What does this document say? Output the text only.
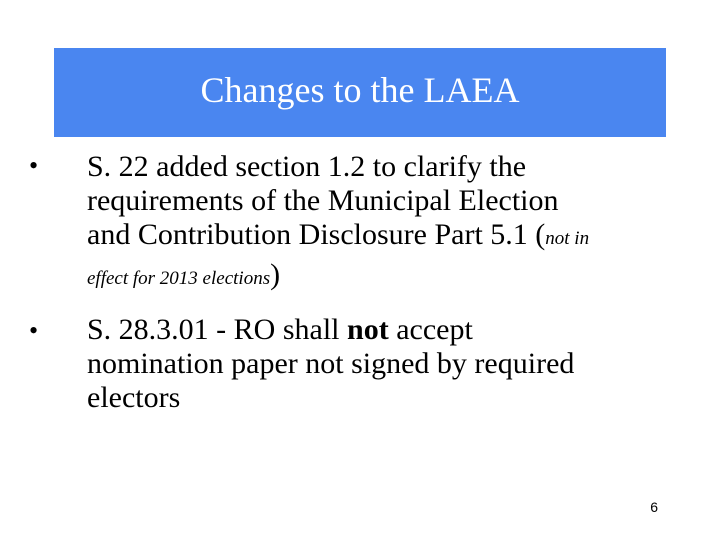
Changes to the LAEA
• S. 22 added section 1.2 to clarify the
requirements of the Municipal Election
and Contribution Disclosure Part 5.1 (not in
effect for 2013 elections)
• S. 28.3.01 - RO shall not accept
nomination paper not signed by required
electors
6
